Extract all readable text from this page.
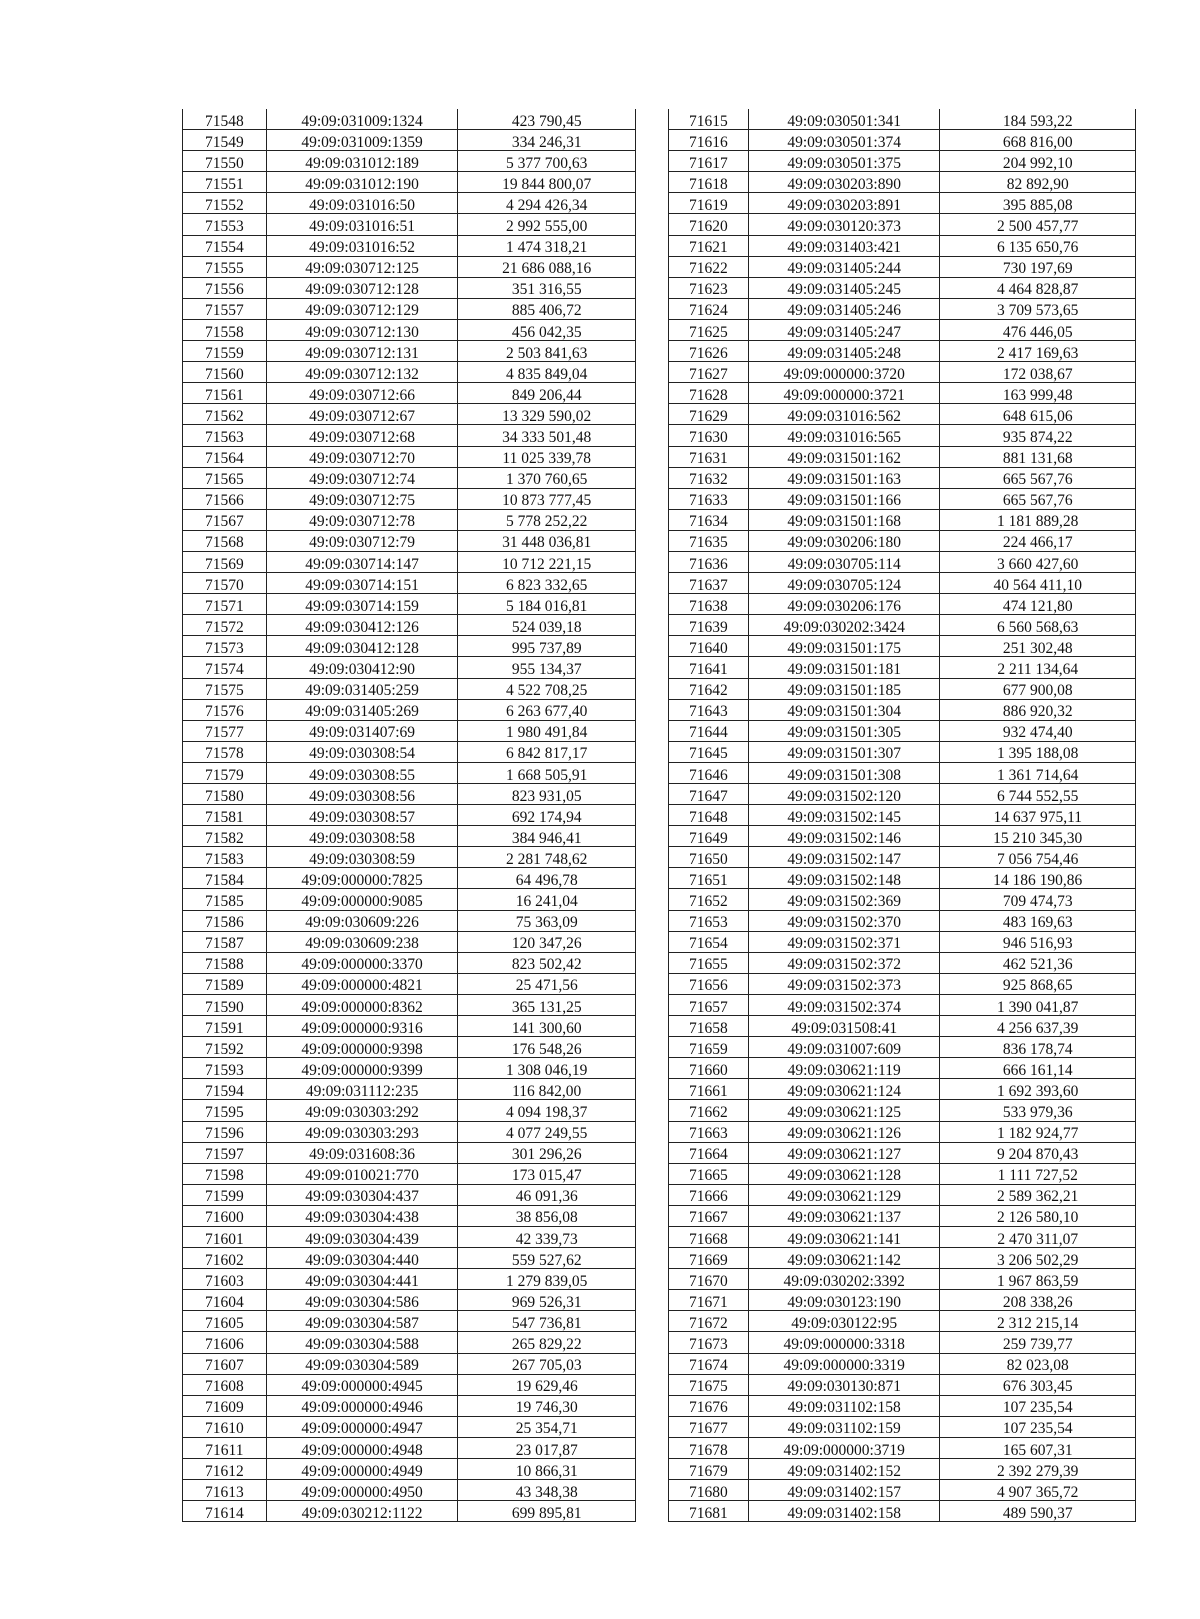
71548	49:09:031009:1324	423 790,45
71549	49:09:031009:1359	334 246,31
71550	49:09:031012:189	5 377 700,63
71551	49:09:031012:190	19 844 800,07
71552	49:09:031016:50	4 294 426,34
71553	49:09:031016:51	2 992 555,00
71554	49:09:031016:52	1 474 318,21
71555	49:09:030712:125	21 686 088,16
71556	49:09:030712:128	351 316,55
71557	49:09:030712:129	885 406,72
71558	49:09:030712:130	456 042,35
71559	49:09:030712:131	2 503 841,63
71560	49:09:030712:132	4 835 849,04
71561	49:09:030712:66	849 206,44
71562	49:09:030712:67	13 329 590,02
71563	49:09:030712:68	34 333 501,48
71564	49:09:030712:70	11 025 339,78
71565	49:09:030712:74	1 370 760,65
71566	49:09:030712:75	10 873 777,45
71567	49:09:030712:78	5 778 252,22
71568	49:09:030712:79	31 448 036,81
71569	49:09:030714:147	10 712 221,15
71570	49:09:030714:151	6 823 332,65
71571	49:09:030714:159	5 184 016,81
71572	49:09:030412:126	524 039,18
71573	49:09:030412:128	995 737,89
71574	49:09:030412:90	955 134,37
71575	49:09:031405:259	4 522 708,25
71576	49:09:031405:269	6 263 677,40
71577	49:09:031407:69	1 980 491,84
71578	49:09:030308:54	6 842 817,17
71579	49:09:030308:55	1 668 505,91
71580	49:09:030308:56	823 931,05
71581	49:09:030308:57	692 174,94
71582	49:09:030308:58	384 946,41
71583	49:09:030308:59	2 281 748,62
71584	49:09:000000:7825	64 496,78
71585	49:09:000000:9085	16 241,04
71586	49:09:030609:226	75 363,09
71587	49:09:030609:238	120 347,26
71588	49:09:000000:3370	823 502,42
71589	49:09:000000:4821	25 471,56
71590	49:09:000000:8362	365 131,25
71591	49:09:000000:9316	141 300,60
71592	49:09:000000:9398	176 548,26
71593	49:09:000000:9399	1 308 046,19
71594	49:09:031112:235	116 842,00
71595	49:09:030303:292	4 094 198,37
71596	49:09:030303:293	4 077 249,55
71597	49:09:031608:36	301 296,26
71598	49:09:010021:770	173 015,47
71599	49:09:030304:437	46 091,36
71600	49:09:030304:438	38 856,08
71601	49:09:030304:439	42 339,73
71602	49:09:030304:440	559 527,62
71603	49:09:030304:441	1 279 839,05
71604	49:09:030304:586	969 526,31
71605	49:09:030304:587	547 736,81
71606	49:09:030304:588	265 829,22
71607	49:09:030304:589	267 705,03
71608	49:09:000000:4945	19 629,46
71609	49:09:000000:4946	19 746,30
71610	49:09:000000:4947	25 354,71
71611	49:09:000000:4948	23 017,87
71612	49:09:000000:4949	10 866,31
71613	49:09:000000:4950	43 348,38
71614	49:09:030212:1122	699 895,81
71615	49:09:030501:341	184 593,22
71616	49:09:030501:374	668 816,00
71617	49:09:030501:375	204 992,10
71618	49:09:030203:890	82 892,90
71619	49:09:030203:891	395 885,08
71620	49:09:030120:373	2 500 457,77
71621	49:09:031403:421	6 135 650,76
71622	49:09:031405:244	730 197,69
71623	49:09:031405:245	4 464 828,87
71624	49:09:031405:246	3 709 573,65
71625	49:09:031405:247	476 446,05
71626	49:09:031405:248	2 417 169,63
71627	49:09:000000:3720	172 038,67
71628	49:09:000000:3721	163 999,48
71629	49:09:031016:562	648 615,06
71630	49:09:031016:565	935 874,22
71631	49:09:031501:162	881 131,68
71632	49:09:031501:163	665 567,76
71633	49:09:031501:166	665 567,76
71634	49:09:031501:168	1 181 889,28
71635	49:09:030206:180	224 466,17
71636	49:09:030705:114	3 660 427,60
71637	49:09:030705:124	40 564 411,10
71638	49:09:030206:176	474 121,80
71639	49:09:030202:3424	6 560 568,63
71640	49:09:031501:175	251 302,48
71641	49:09:031501:181	2 211 134,64
71642	49:09:031501:185	677 900,08
71643	49:09:031501:304	886 920,32
71644	49:09:031501:305	932 474,40
71645	49:09:031501:307	1 395 188,08
71646	49:09:031501:308	1 361 714,64
71647	49:09:031502:120	6 744 552,55
71648	49:09:031502:145	14 637 975,11
71649	49:09:031502:146	15 210 345,30
71650	49:09:031502:147	7 056 754,46
71651	49:09:031502:148	14 186 190,86
71652	49:09:031502:369	709 474,73
71653	49:09:031502:370	483 169,63
71654	49:09:031502:371	946 516,93
71655	49:09:031502:372	462 521,36
71656	49:09:031502:373	925 868,65
71657	49:09:031502:374	1 390 041,87
71658	49:09:031508:41	4 256 637,39
71659	49:09:031007:609	836 178,74
71660	49:09:030621:119	666 161,14
71661	49:09:030621:124	1 692 393,60
71662	49:09:030621:125	533 979,36
71663	49:09:030621:126	1 182 924,77
71664	49:09:030621:127	9 204 870,43
71665	49:09:030621:128	1 111 727,52
71666	49:09:030621:129	2 589 362,21
71667	49:09:030621:137	2 126 580,10
71668	49:09:030621:141	2 470 311,07
71669	49:09:030621:142	3 206 502,29
71670	49:09:030202:3392	1 967 863,59
71671	49:09:030123:190	208 338,26
71672	49:09:030122:95	2 312 215,14
71673	49:09:000000:3318	259 739,77
71674	49:09:000000:3319	82 023,08
71675	49:09:030130:871	676 303,45
71676	49:09:031102:158	107 235,54
71677	49:09:031102:159	107 235,54
71678	49:09:000000:3719	165 607,31
71679	49:09:031402:152	2 392 279,39
71680	49:09:031402:157	4 907 365,72
71681	49:09:031402:158	489 590,37
